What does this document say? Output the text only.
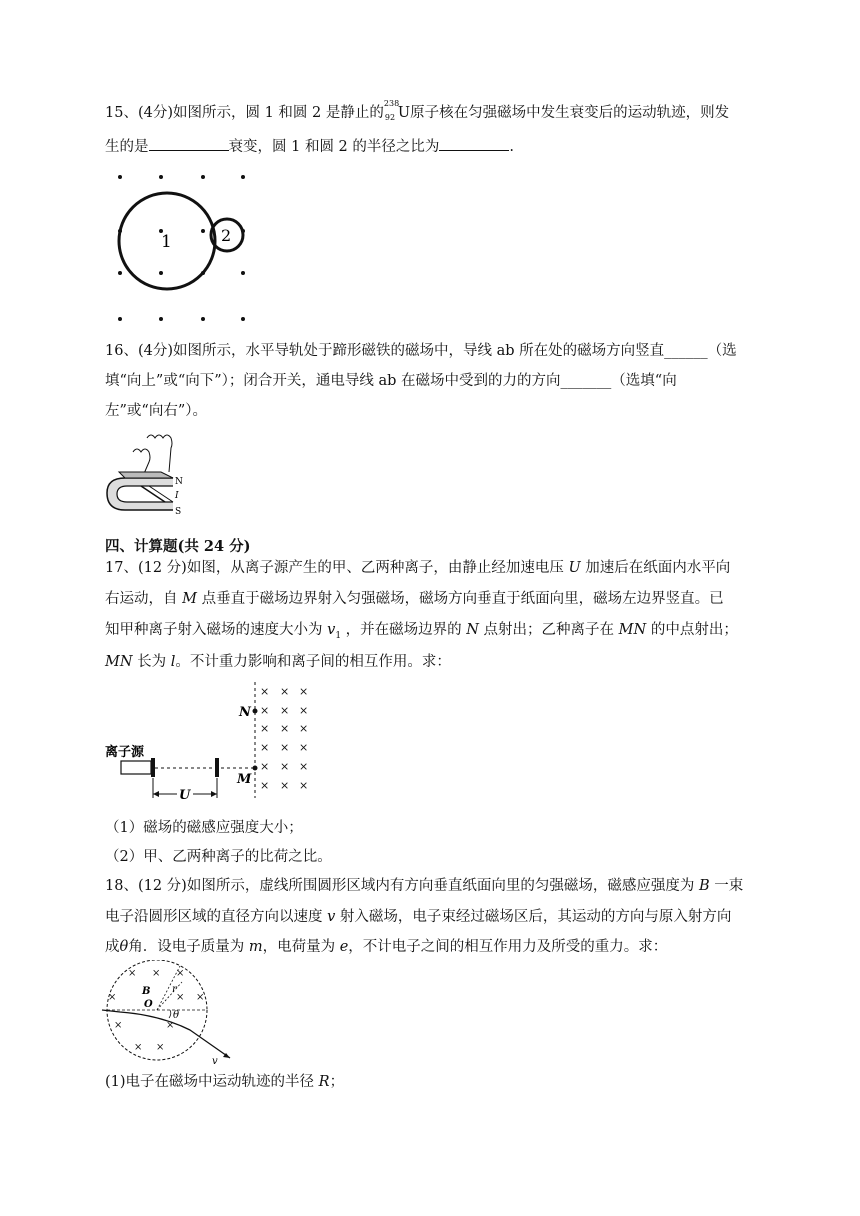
15、(4分)如图所示，圆 1 和圆 2 是静止的
238
92 U原子核在匀强磁场中发生衰变后的运动轨迹，则发
生的是	衰变，圆 1 和圆 2 的半径之比为	.
1	2
16、(4分)如图所示，水平导轨处于蹄形磁铁的磁场中，导线 ab 所在处的磁场方向竖直______（选
填“向上”或“向下”）；闭合开关，通电导线 ab 在磁场中受到的力的方向_______（选填“向
左”或“向右”）。
N
I
S
四、计算题(共 24 分)
17、(12 分)如图，从离子源产生的甲、乙两种离子，由静止经加速电压 U 加速后在纸面内水平向
右运动，自 M 点垂直于磁场边界射入匀强磁场，磁场方向垂直于纸面向里，磁场左边界竖直。已
知甲种离子射入磁场的速度大小为 $v_1$ ，并在磁场边界的 N 点射出；乙种离子在 MN 的中点射出；
MN 长为 l。不计重力影响和离子间的相互作用。求：
× × ×
× × ×
× × ×
× × ×
× × ×
× × ×
N
M
离子源
U
（1）磁场的磁感应强度大小；
（2）甲、乙两种离子的比荷之比。
18、(12 分)如图所示，虚线所围圆形区域内有方向垂直纸面向里的匀强磁场，磁感应强度为 B 一束
电子沿圆形区域的直径方向以速度 v 射入磁场，电子束经过磁场区后，其运动的方向与原入射方向
成θ角．设电子质量为 m，电荷量为 e，不计电子之间的相互作用力及所受的重力。求：
× × ×
×	× ×
×	×
× ×
B
O
r
θ
v
(1)电子在磁场中运动轨迹的半径 R；
